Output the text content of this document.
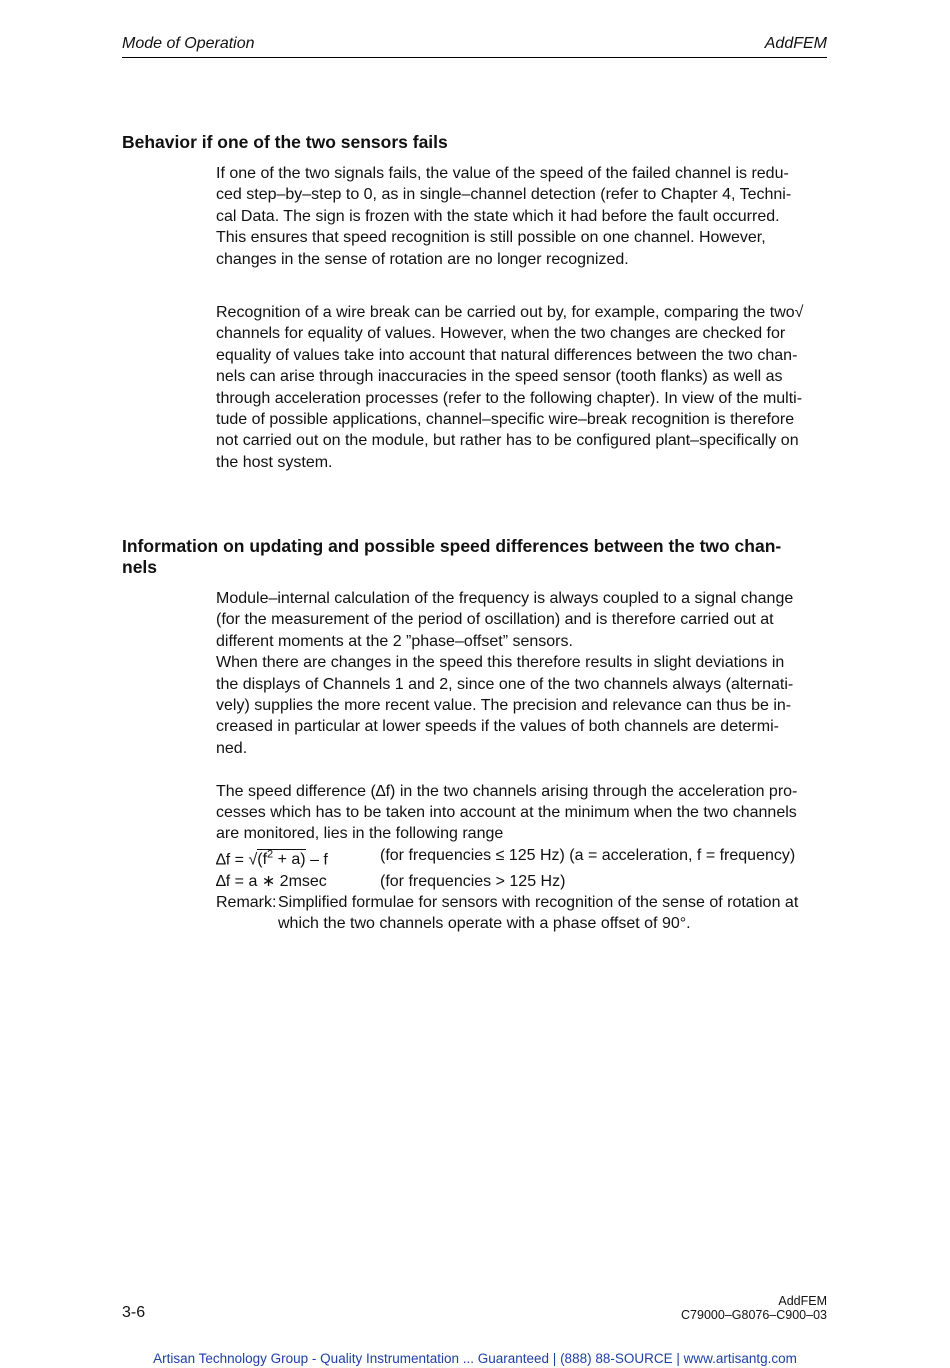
Mode of Operation	AddFEM
Behavior if one of the two sensors fails
If one of the two signals fails, the value of the speed of the failed channel is redu-
ced step–by–step to 0, as in single–channel detection (refer to Chapter 4, Techni-
cal Data. The sign is frozen with the state which it had before the fault occurred.
This ensures that speed recognition is still possible on one channel. However,
changes in the sense of rotation are no longer recognized.
Recognition of a wire break can be carried out by, for example, comparing the two√
channels for equality of values. However, when the two changes are checked for
equality of values take into account that natural differences between the two chan-
nels can arise through inaccuracies in the speed sensor (tooth flanks) as well as
through acceleration processes (refer to the following chapter). In view of the multi-
tude of possible applications, channel–specific wire–break recognition is therefore
not carried out on the module, but rather has to be configured plant–specifically on
the host system.
Information on updating and possible speed differences between the two chan-
nels
Module–internal calculation of the frequency is always coupled to a signal change
(for the measurement of the period of oscillation) and is therefore carried out at
different moments at the 2 ”phase–offset” sensors.
When there are changes in the speed this therefore results in slight deviations in
the displays of Channels 1 and 2, since one of the two channels always (alternati-
vely) supplies the more recent value. The precision and relevance can thus be in-
creased in particular at lower speeds if the values of both channels are determi-
ned.
The speed difference (∆f) in the two channels arising through the acceleration pro-
cesses which has to be taken into account at the minimum when the two channels
are monitored, lies in the following range
$\Delta f = √(f^2 + a) - f$	(for frequencies ≤ 125 Hz) (a = acceleration, f = frequency)
∆f = a ∗ 2msec	(for frequencies > 125 Hz)
Remark: Simplified formulae for sensors with recognition of the sense of rotation at
which the two channels operate with a phase offset of 90°.
3-6
AddFEM
C79000–G8076–C900–03
Artisan Technology Group - Quality Instrumentation ... Guaranteed | (888) 88-SOURCE | www.artisantg.com
